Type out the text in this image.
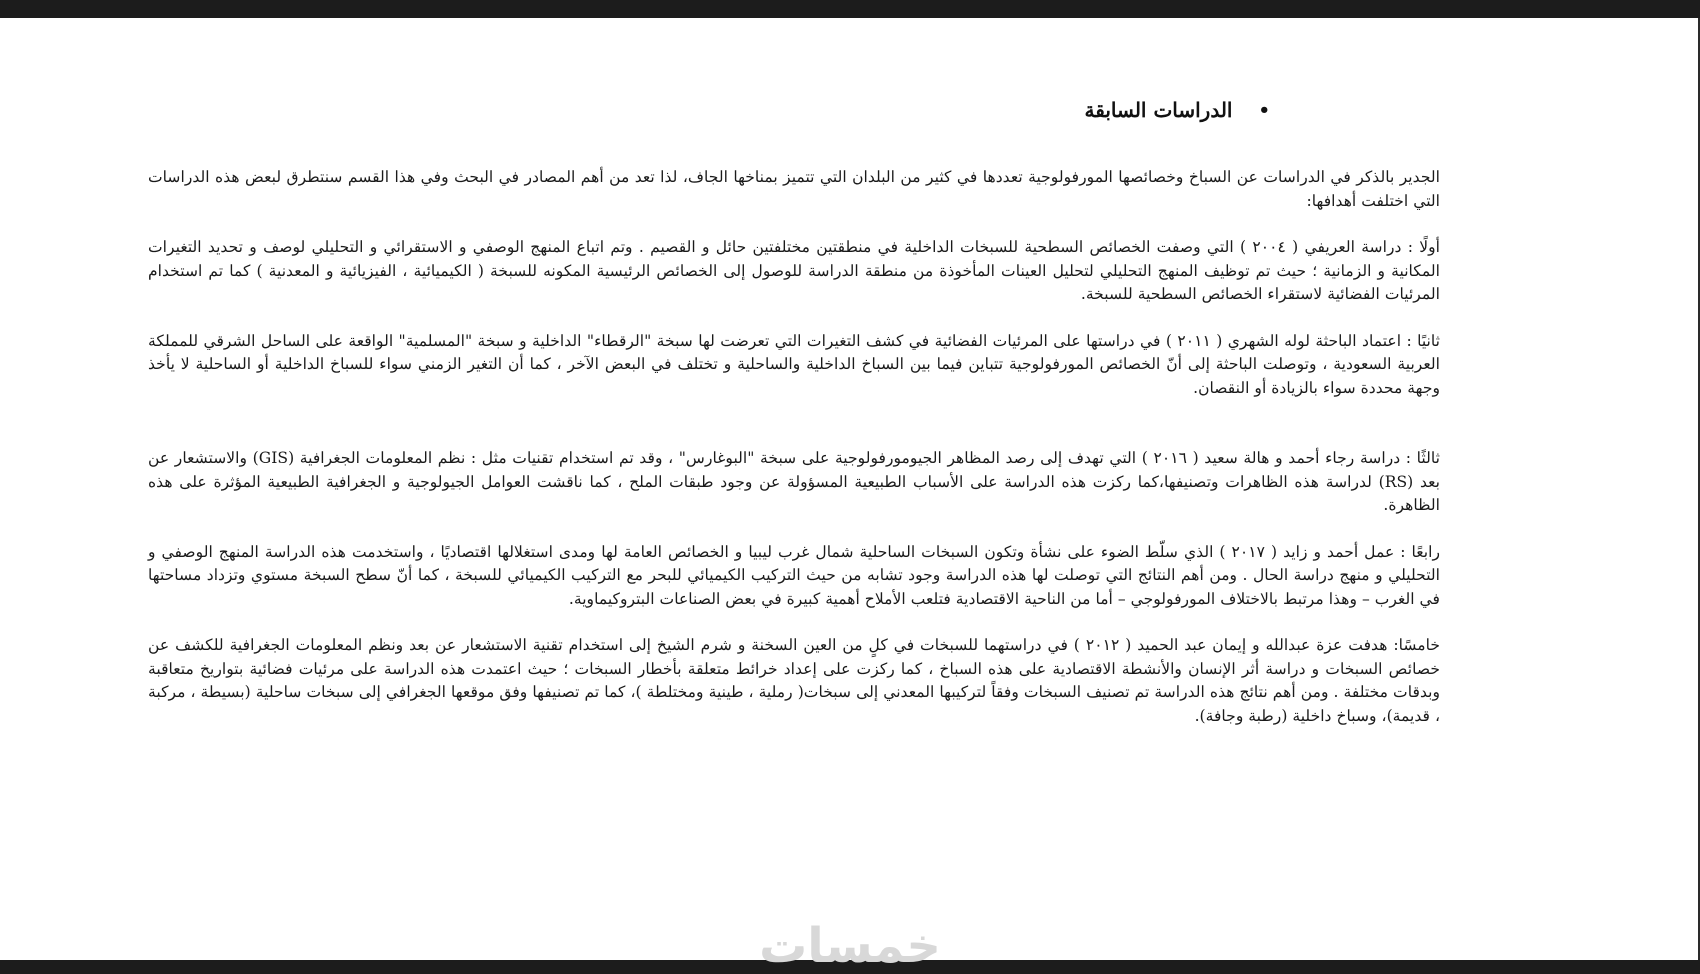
•
الدراسات السابقة

الجدير بالذكر في الدراسات عن السباخ وخصائصها المورفولوجية تعددها في كثير من البلدان التي تتميز بمناخها الجاف، لذا تعد من أهم المصادر في البحث وفي هذا القسم سنتطرق لبعض هذه الدراسات التي اختلفت أهدافها:

أولًا : دراسة العريفي ( ٢٠٠٤ ) التي وصفت الخصائص السطحية للسبخات الداخلية في منطقتين مختلفتين حائل و القصيم . وتم اتباع المنهج الوصفي و الاستقرائي و التحليلي لوصف و تحديد التغيرات المكانية و الزمانية ؛ حيث تم توظيف المنهج التحليلي لتحليل العينات المأخوذة من منطقة الدراسة للوصول إلى الخصائص الرئيسية المكونه للسبخة ( الكيميائية ، الفيزيائية و المعدنية ) كما تم استخدام المرئيات الفضائية لاستقراء الخصائص السطحية للسبخة.

ثانيًا : اعتماد الباحثة لوله الشهري ( ٢٠١١ ) في دراستها على المرئيات الفضائية في كشف التغيرات التي تعرضت لها سبخة "الرقطاء" الداخلية و سبخة "المسلمية" الواقعة على الساحل الشرقي للمملكة العربية السعودية ، وتوصلت الباحثة إلى أنّ الخصائص المورفولوجية تتباين فيما بين السباخ الداخلية والساحلية و تختلف في البعض الآخر ، كما أن التغير الزمني سواء للسباخ الداخلية أو الساحلية لا يأخذ وجهة محددة سواء بالزيادة أو النقصان.

ثالثًا : دراسة رجاء أحمد و هالة سعيد ( ٢٠١٦ ) التي تهدف إلى رصد المظاهر الجيومورفولوجية على سبخة "البوغارس" ، وقد تم استخدام تقنيات مثل : نظم المعلومات الجغرافية (GIS) والاستشعار عن بعد (RS) لدراسة هذه الظاهرات وتصنيفها،كما ركزت هذه الدراسة على الأسباب الطبيعية المسؤولة عن وجود طبقات الملح ، كما ناقشت العوامل الجيولوجية و الجغرافية الطبيعية المؤثرة على هذه الظاهرة.

رابعًا : عمل أحمد و زايد ( ٢٠١٧ ) الذي سلّط الضوء على نشأة وتكون السبخات الساحلية شمال غرب ليبيا و الخصائص العامة لها ومدى استغلالها اقتصاديًا ، واستخدمت هذه الدراسة المنهج الوصفي و التحليلي و منهج دراسة الحال . ومن أهم النتائج التي توصلت لها هذه الدراسة وجود تشابه من حيث التركيب الكيميائي للبحر مع التركيب الكيميائي للسبخة ، كما أنّ سطح السبخة مستوي وتزداد مساحتها في الغرب – وهذا مرتبط بالاختلاف المورفولوجي – أما من الناحية الاقتصادية فتلعب الأملاح أهمية كبيرة في بعض الصناعات البتروكيماوية.

خامسًا: هدفت عزة عبدالله و إيمان عبد الحميد ( ٢٠١٢ ) في دراستهما للسبخات في كلٍ من العين السخنة و شرم الشيخ إلى استخدام تقنية الاستشعار عن بعد ونظم المعلومات الجغرافية للكشف عن خصائص السبخات و دراسة أثر الإنسان والأنشطة الاقتصادية على هذه السباخ ، كما ركزت على إعداد خرائط متعلقة بأخطار السبخات ؛ حيث اعتمدت هذه الدراسة على مرئيات فضائية بتواريخ متعاقبة وبدقات مختلفة . ومن أهم نتائج هذه الدراسة تم تصنيف السبخات وفقاً لتركيبها المعدني إلى سبخات( رملية ، طينية ومختلطة )، كما تم تصنيفها وفق موقعها الجغرافي إلى سبخات ساحلية (بسيطة ، مركبة ، قديمة)، وسباخ داخلية (رطبة وجافة).

خمسات
